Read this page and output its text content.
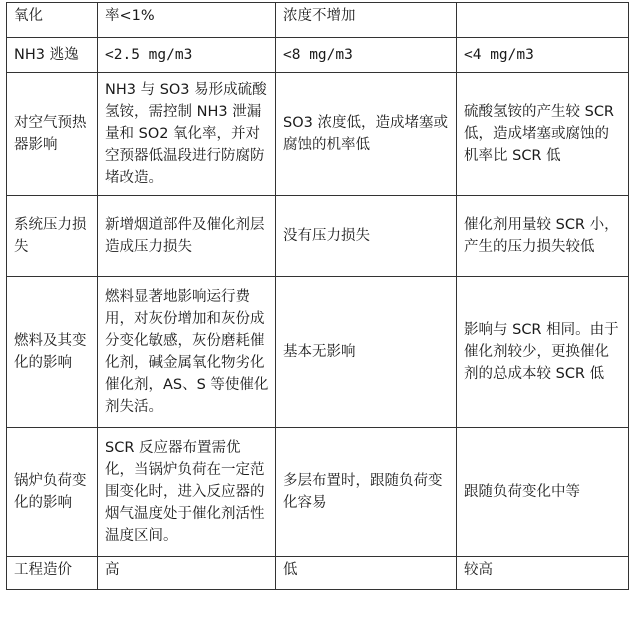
氧化	率<1%	浓度不增加	
NH3 逃逸	<2.5 mg/m3	<8 mg/m3	<4 mg/m3
对空气预热器影响	NH3 与 SO3 易形成硫酸氢铵，需控制 NH3 泄漏量和 SO2 氧化率，并对空预器低温段进行防腐防堵改造。	SO3 浓度低，造成堵塞或腐蚀的机率低	硫酸氢铵的产生较 SCR 低，造成堵塞或腐蚀的机率比 SCR 低
系统压力损失	新增烟道部件及催化剂层造成压力损失	没有压力损失	催化剂用量较 SCR 小，产生的压力损失较低
燃料及其变化的影响	燃料显著地影响运行费用，对灰份增加和灰份成分变化敏感，灰份磨耗催化剂，碱金属氧化物劣化催化剂，AS、S 等使催化剂失活。	基本无影响	影响与 SCR 相同。由于催化剂较少，更换催化剂的总成本较 SCR 低
锅炉负荷变化的影响	SCR 反应器布置需优化，当锅炉负荷在一定范围变化时，进入反应器的烟气温度处于催化剂活性温度区间。	多层布置时，跟随负荷变化容易	跟随负荷变化中等
工程造价	高	低	较高
